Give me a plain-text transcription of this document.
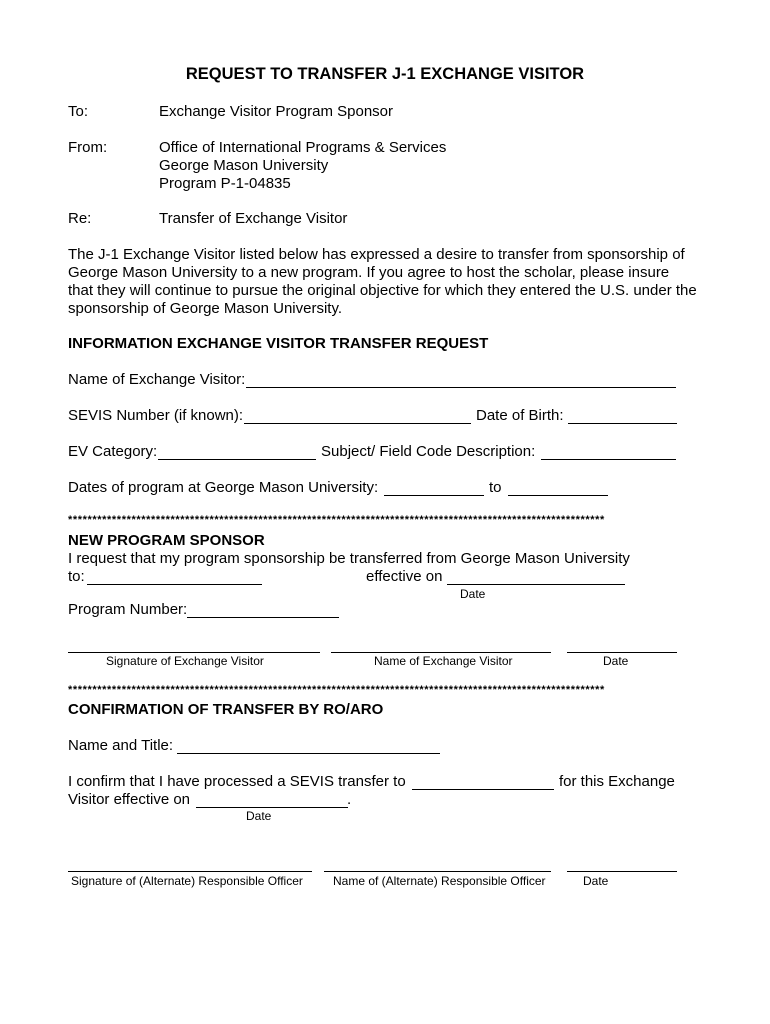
REQUEST TO TRANSFER J-1 EXCHANGE VISITOR
To:	Exchange Visitor Program Sponsor
From:	Office of International Programs & Services
George Mason University
Program P-1-04835
Re:	Transfer of Exchange Visitor
The J-1 Exchange Visitor listed below has expressed a desire to transfer from sponsorship of
George Mason University to a new program. If you agree to host the scholar, please insure
that they will continue to pursue the original objective for which they entered the U.S. under the
sponsorship of George Mason University.
INFORMATION EXCHANGE VISITOR TRANSFER REQUEST
Name of Exchange Visitor:
SEVIS Number (if known):	Date of Birth:
EV Category:	Subject/ Field Code Description:
Dates of program at George Mason University:	to
**************************************************************************************************************
NEW PROGRAM SPONSOR
I request that my program sponsorship be transferred from George Mason University
to:	effective on
Date
Program Number:
Signature of Exchange Visitor	Name of Exchange Visitor	Date
**************************************************************************************************************
CONFIRMATION OF TRANSFER BY RO/ARO
Name and Title:
I confirm that I have processed a SEVIS transfer to	for this Exchange
Visitor effective on	.
Date
Signature of (Alternate) Responsible Officer	Name of (Alternate) Responsible Officer	Date
